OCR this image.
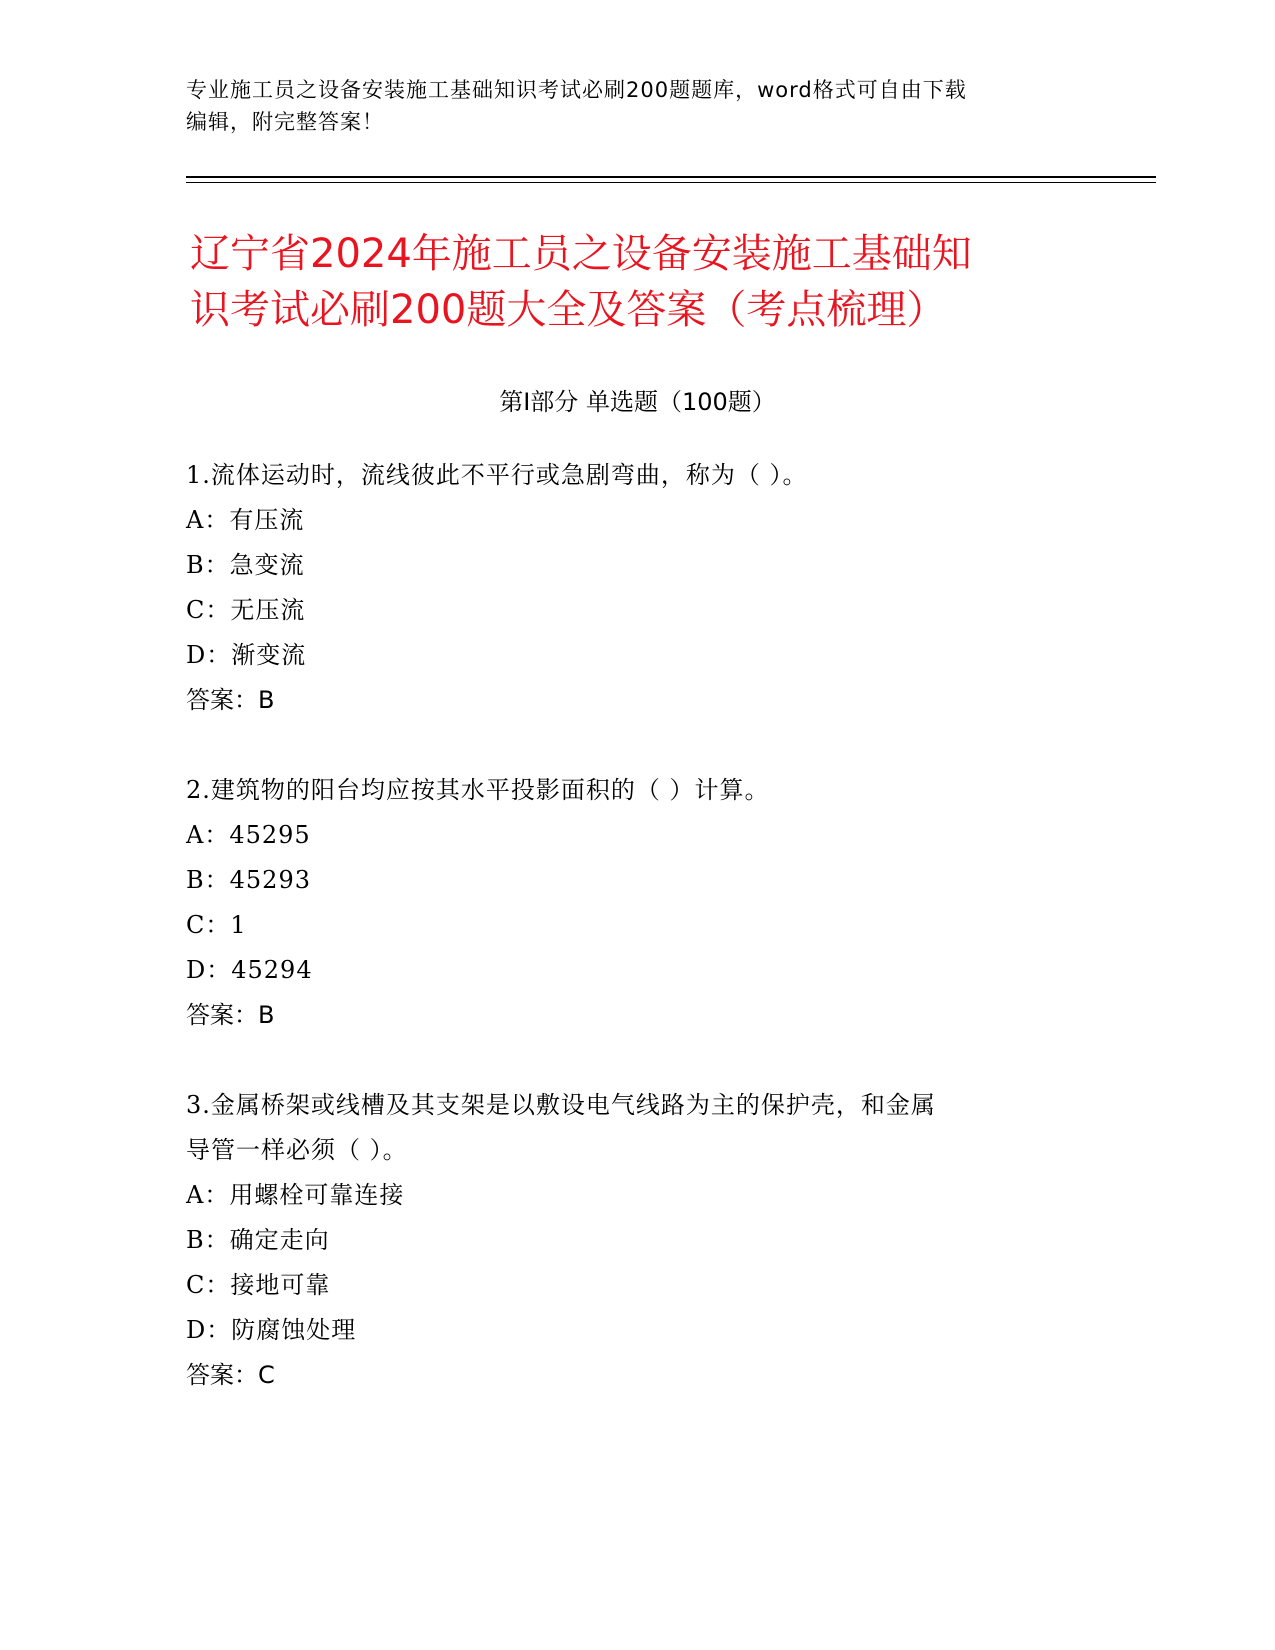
专业施工员之设备安装施工基础知识考试必刷200题题库，word格式可自由下载
编辑，附完整答案！
辽宁省2024年施工员之设备安装施工基础知
识考试必刷200题大全及答案（考点梳理）
第Ⅰ部分 单选题（100题）
1.流体运动时，流线彼此不平行或急剧弯曲，称为（ ）。
A：有压流
B：急变流
C：无压流
D：渐变流
答案：B
2.建筑物的阳台均应按其水平投影面积的（ ）计算。
A：45295
B：45293
C：1
D：45294
答案：B
3.金属桥架或线槽及其支架是以敷设电气线路为主的保护壳，和金属
导管一样必须（ ）。
A：用螺栓可靠连接
B：确定走向
C：接地可靠
D：防腐蚀处理
答案：C
